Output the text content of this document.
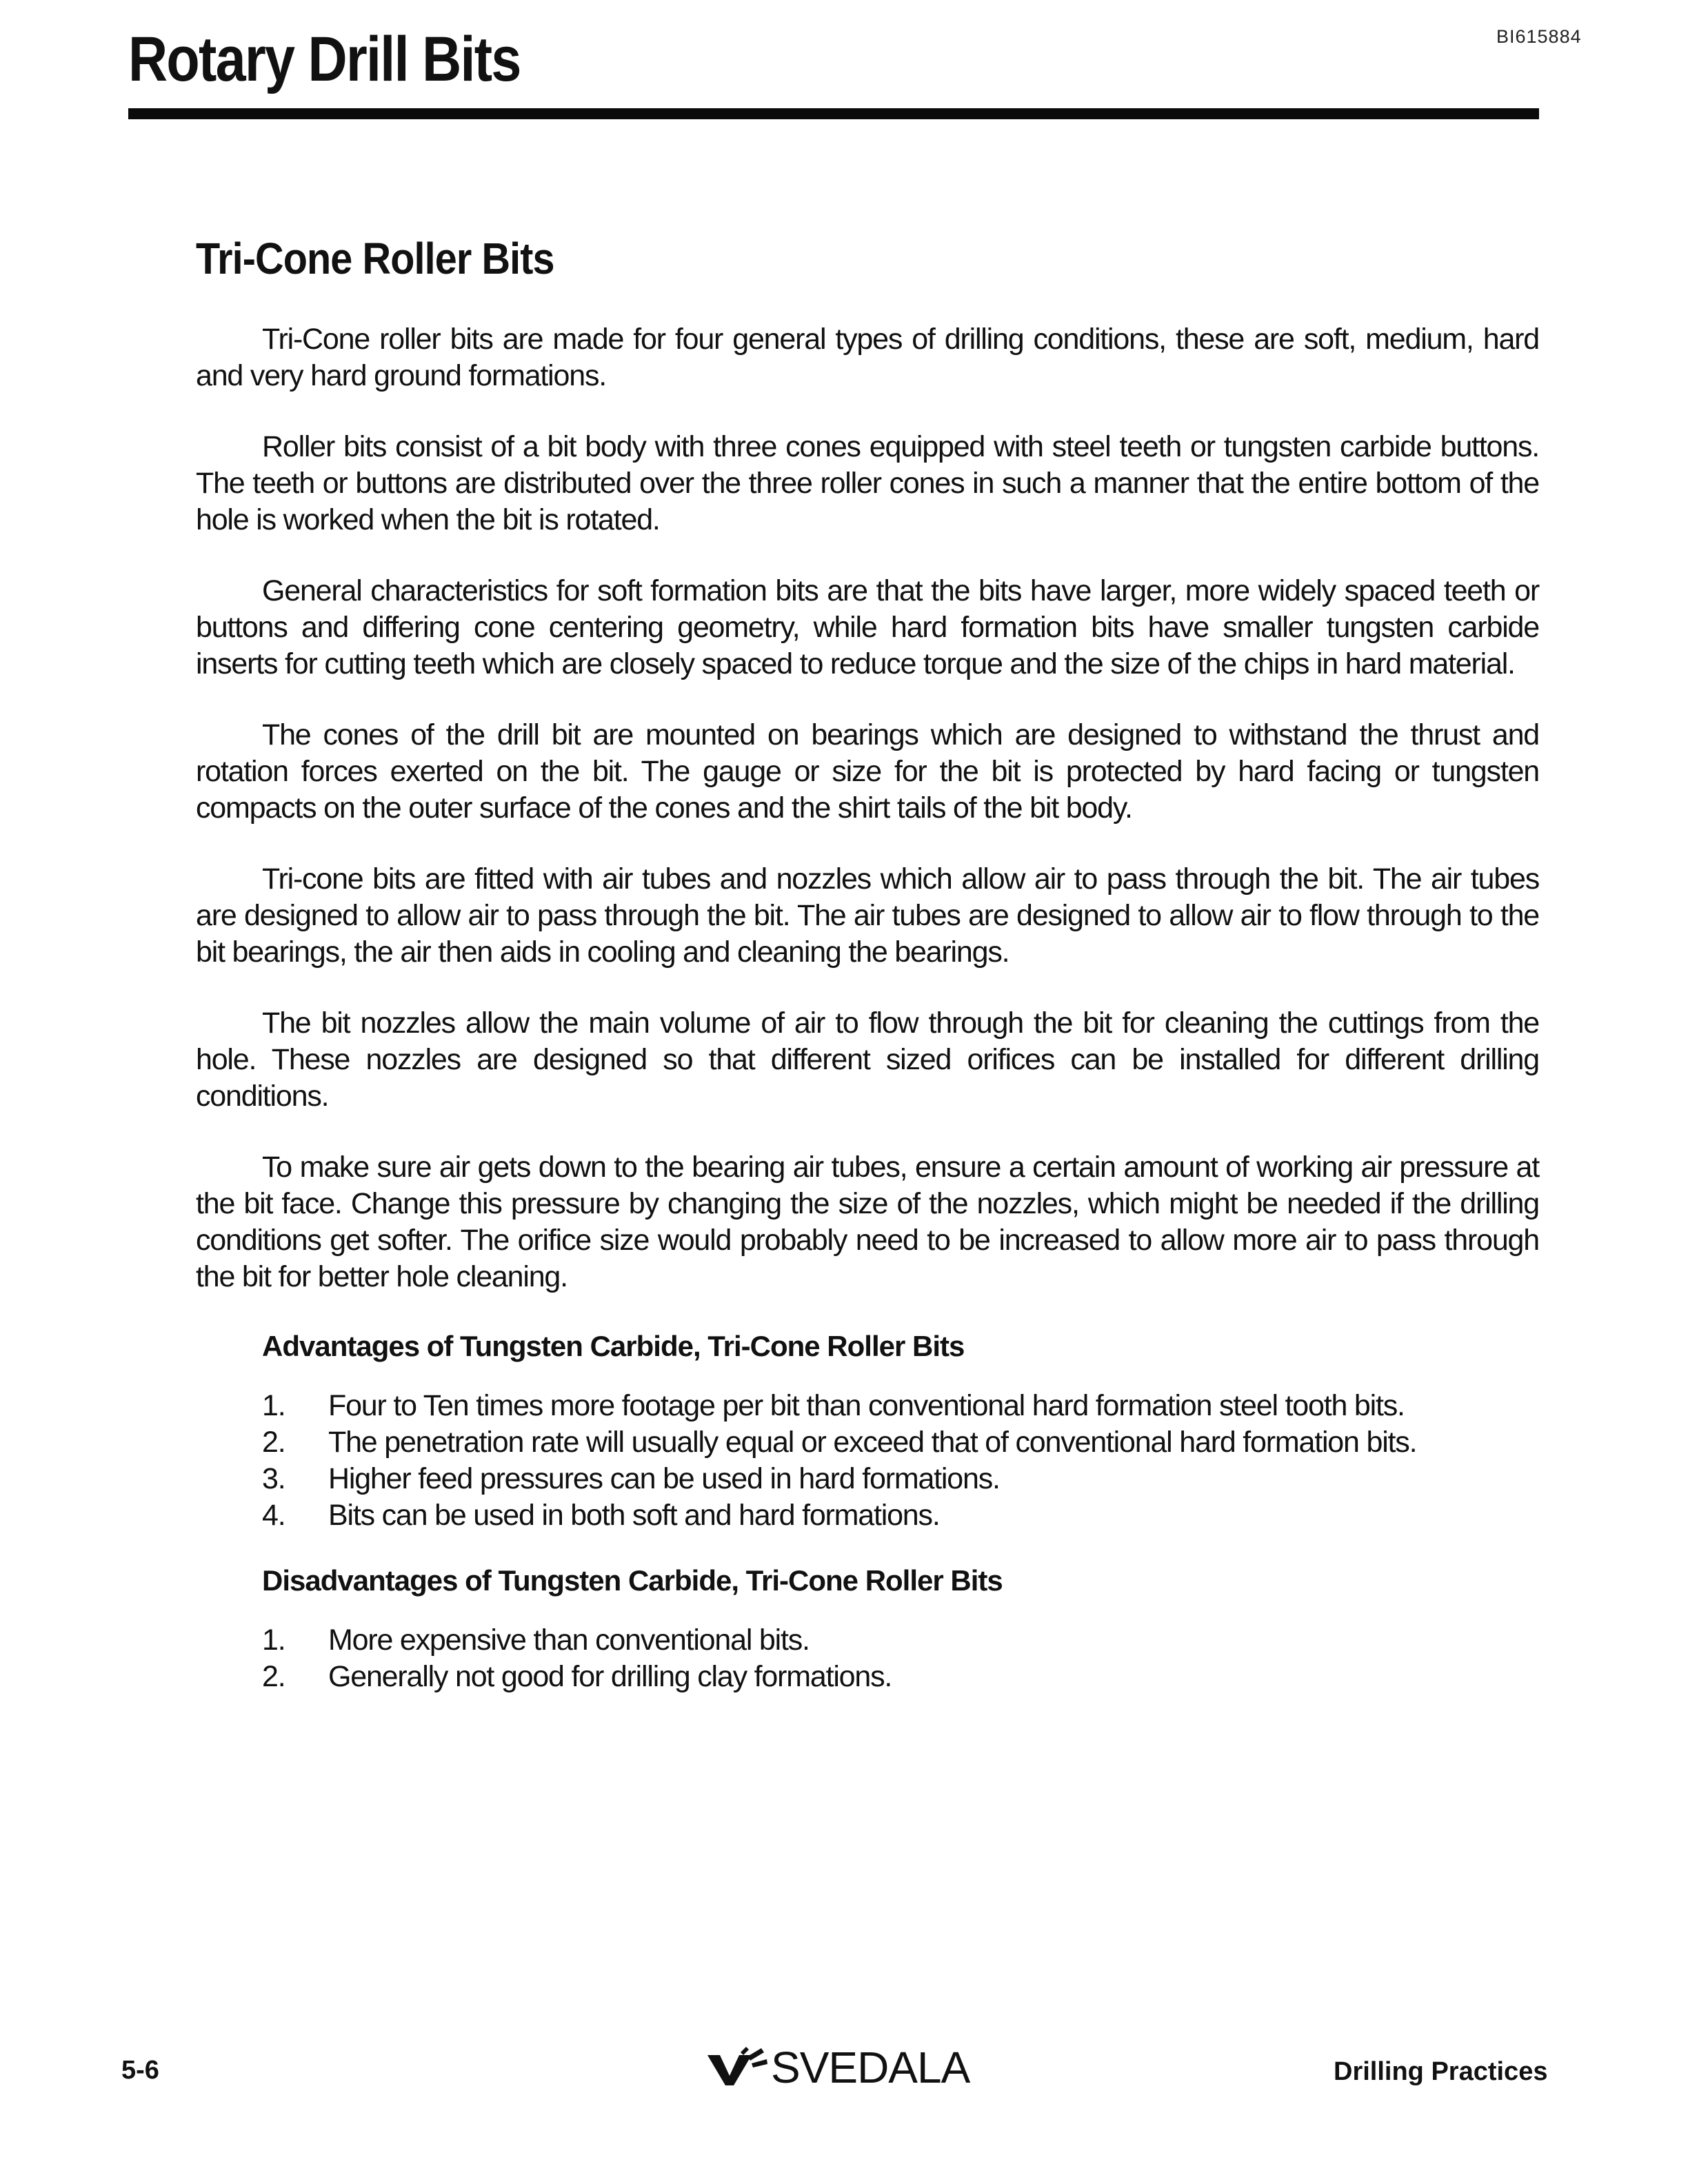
BI615884
Rotary Drill Bits
Tri-Cone Roller Bits

Tri-Cone roller bits are made for four general types of drilling conditions, these are soft, medium, hard and very hard ground formations.

Roller bits consist of a bit body with three cones equipped with steel teeth or tungsten carbide buttons. The teeth or buttons are distributed over the three roller cones in such a manner that the entire bottom of the hole is worked when the bit is rotated.

General characteristics for soft formation bits are that the bits have larger, more widely spaced teeth or buttons and differing cone centering geometry, while hard formation bits have smaller tungsten carbide inserts for cutting teeth which are closely spaced to reduce torque and the size of the chips in hard material.

The cones of the drill bit are mounted on bearings which are designed to withstand the thrust and rotation forces exerted on the bit. The gauge or size for the bit is protected by hard facing or tungsten compacts on the outer surface of the cones and the shirt tails of the bit body.

Tri-cone bits are fitted with air tubes and nozzles which allow air to pass through the bit. The air tubes are designed to allow air to pass through the bit. The air tubes are designed to allow air to flow through to the bit bearings, the air then aids in cooling and cleaning the bearings.

The bit nozzles allow the main volume of air to flow through the bit for cleaning the cuttings from the hole. These nozzles are designed so that different sized orifices can be installed for different drilling conditions.

To make sure air gets down to the bearing air tubes, ensure a certain amount of working air pressure at the bit face. Change this pressure by changing the size of the nozzles, which might be needed if the drilling conditions get softer. The orifice size would probably need to be increased to allow more air to pass through the bit for better hole cleaning.

Advantages of Tungsten Carbide, Tri-Cone Roller Bits
1.	Four to Ten times more footage per bit than conventional hard formation steel tooth bits.
2.	The penetration rate will usually equal or exceed that of conventional hard formation bits.
3.	Higher feed pressures can be used in hard formations.
4.	Bits can be used in both soft and hard formations.
Disadvantages of Tungsten Carbide, Tri-Cone Roller Bits
1.	More expensive than conventional bits.
2.	Generally not good for drilling clay formations.
5-6	SVEDALA	Drilling Practices
